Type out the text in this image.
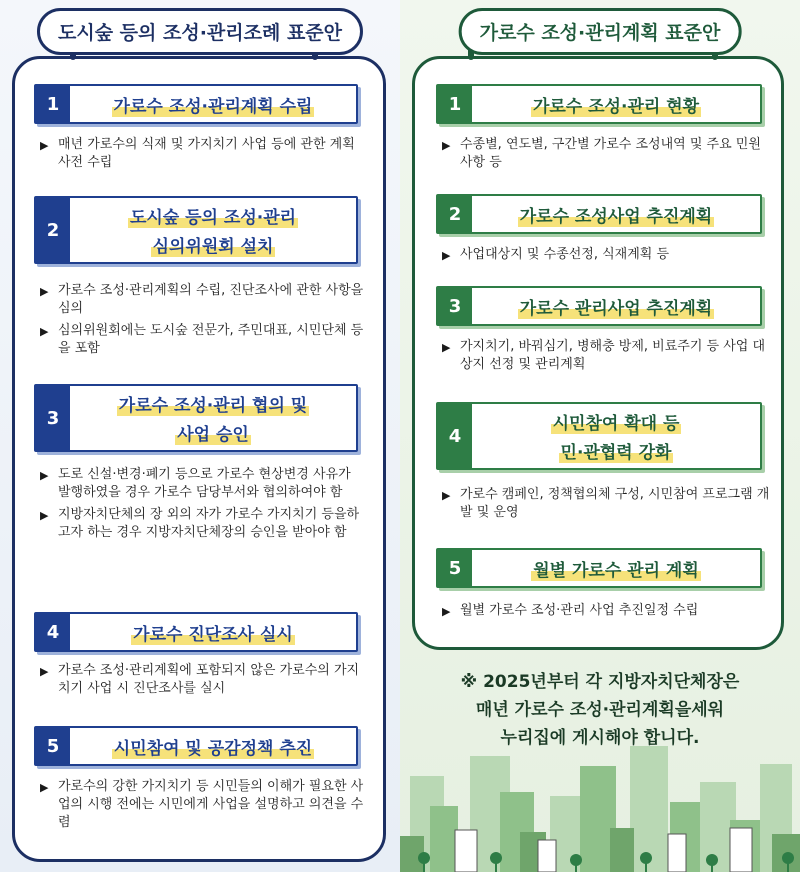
도시숲 등의 조성·관리조례 표준안
1	가로수 조성·관리계획 수립
▶ 매년 가로수의 식재 및 가지치기 사업 등에 관한 계획 사전 수립
2
도시숲 등의 조성·관리
심의위원회 설치
▶ 가로수 조성·관리계획의 수립, 진단조사에 관한 사항을 심의
▶ 심의위원회에는 도시숲 전문가, 주민대표, 시민단체 등을 포함
3
가로수 조성·관리 협의 및
사업 승인
▶ 도로 신설·변경·폐기 등으로 가로수 현상변경 사유가 발행하였을 경우 가로수 담당부서와 협의하여야 함
▶ 지방자치단체의 장 외의 자가 가로수 가지치기 등을하고자 하는 경우 지방자치단체장의 승인을 받아야 함
4	가로수 진단조사 실시
▶ 가로수 조성·관리계획에 포함되지 않은 가로수의 가지치기 사업 시 진단조사를 실시
5	시민참여 및 공감정책 추진
▶ 가로수의 강한 가지치기 등 시민들의 이해가 필요한 사업의 시행 전에는 시민에게 사업을 설명하고 의견을 수렴
가로수 조성·관리계획 표준안
1	가로수 조성·관리 현황
▶ 수종별, 연도별, 구간별 가로수 조성내역 및 주요 민원사항 등
2	가로수 조성사업 추진계획
▶ 사업대상지 및 수종선정, 식재계획 등
3	가로수 관리사업 추진계획
▶ 가지치기, 바꿔심기, 병해충 방제, 비료주기 등 사업 대상지 선정 및 관리계획
4
시민참여 확대 등
민·관협력 강화
▶ 가로수 캠페인, 정책협의체 구성, 시민참여 프로그램 개발 및 운영
5	월별 가로수 관리 계획
▶ 월별 가로수 조성·관리 사업 추진일정 수립
※ 2025년부터 각 지방자치단체장은
매년 가로수 조성·관리계획을세워
누리집에 게시해야 합니다.
